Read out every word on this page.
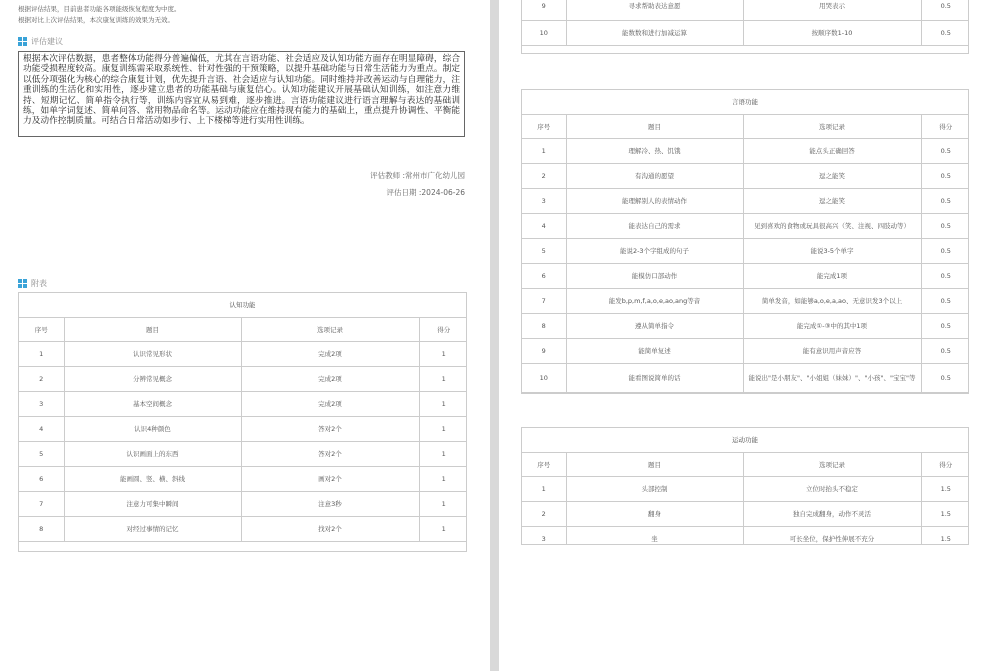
根据评估结果，目前患者功能各项能级恢复程度为中度。
根据对比上次评估结果，本次康复训练的效果为无效。
评估建议
根据本次评估数据，患者整体功能得分普遍偏低，尤其在言语功能、社会适应及认知功能方面存在明显障碍，综合功能受损程度较高。康复训练需采取系统性、针对性强的干预策略，以提升基础功能与日常生活能力为重点。制定以低分项强化为核心的综合康复计划，优先提升言语、社会适应与认知功能。同时维持并改善运动与自理能力，注重训练的生活化和实用性，逐步建立患者的功能基础与康复信心。认知功能建议开展基础认知训练，如注意力维持、短期记忆、简单指令执行等，训练内容宜从易到难，逐步推进。言语功能建议进行语言理解与表达的基础训练，如单字词复述、简单问答、常用物品命名等。运动功能应在维持现有能力的基础上，重点提升协调性、平衡能力及动作控制质量。可结合日常活动如步行、上下楼梯等进行实用性训练。
评估教师 :常州市广化幼儿园
评估日期 :2024-06-26
附表
认知功能
序号	题目	选项记录	得分
1	认识常见形状	完成2项	1
2	分辨常见概念	完成2项	1
3	基本空间概念	完成2项	1
4	认识4种颜色	答对2个	1
5	认识画面上的东西	答对2个	1
6	能画圆、竖、横、斜线	画对2个	1
7	注意力可集中瞬间	注意3秒	1
8	对经过事情的记忆	找对2个	1
9	寻求帮助表达意愿	用哭表示	0.5
10	能数数和进行加减运算	按顺序数1-10	0.5
言语功能
序号	题目	选项记录	得分
1	理解冷、热、饥饿	能点头正确回答	0.5
2	有沟通的愿望	逗之能笑	0.5
3	能理解别人的表情动作	逗之能笑	0.5
4	能表达自己的需求	见到喜欢的食物或玩具很高兴（笑、注视、四肢动等）	0.5
5	能说2-3个字组成的句子	能说3-5个单字	0.5
6	能模仿口部动作	能完成1项	0.5
7	能发b,p,m,f,a,o,e,ao,ang等音	简单发音，如能够a,o,e,a,ao、无意识发3个以上	0.5
8	遵从简单指令	能完成①-③中的其中1项	0.5
9	能简单复述	能有意识用声音应答	0.5
10	能看图说简单的话	能说出"是小朋友"、"小姐姐（妹妹）"、"小孩"、"宝宝"等	0.5
运动功能
序号	题目	选项记录	得分
1	头部控制	立位时抬头不稳定	1.5
2	翻身	独自完成翻身，动作不灵活	1.5
3	坐	可长坐位，保护性伸展不充分	1.5
